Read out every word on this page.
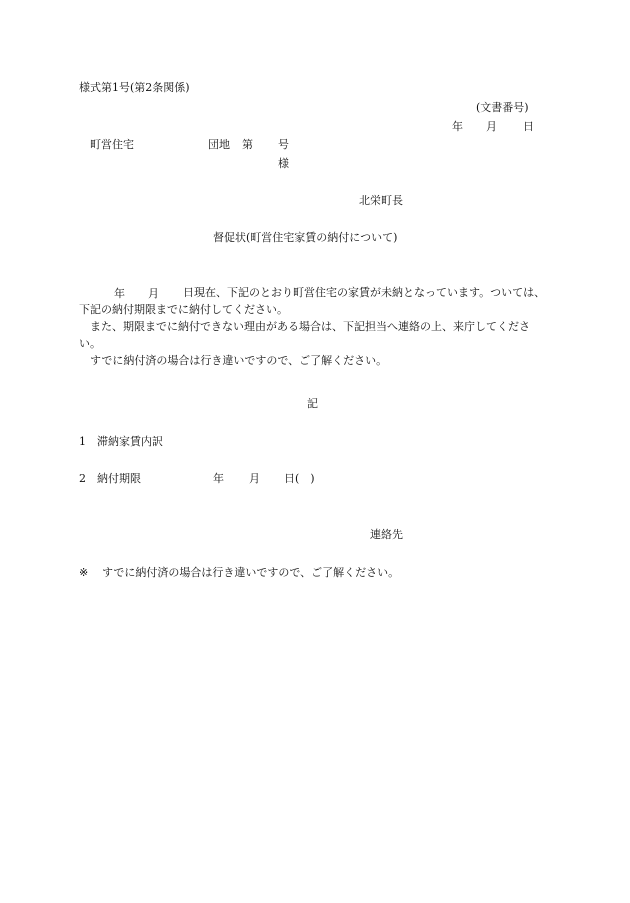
様式第1号(第2条関係)
(文書番号)
年 月 日
町営住宅	団地 第 号
様
北栄町長
督促状(町営住宅家賃の納付について)
年 月	日現在、下記のとおり町営住宅の家賃が未納となっています。ついては、下記の納付期限までに納付してください。

また、期限までに納付できない理由がある場合は、下記担当へ連絡の上、来庁してください。

すでに納付済の場合は行き違いですので、ご了解ください。

記
1 滞納家賃内訳
2 納付期限	年 月 日(　)
連絡先
※ すでに納付済の場合は行き違いですので、ご了解ください。
